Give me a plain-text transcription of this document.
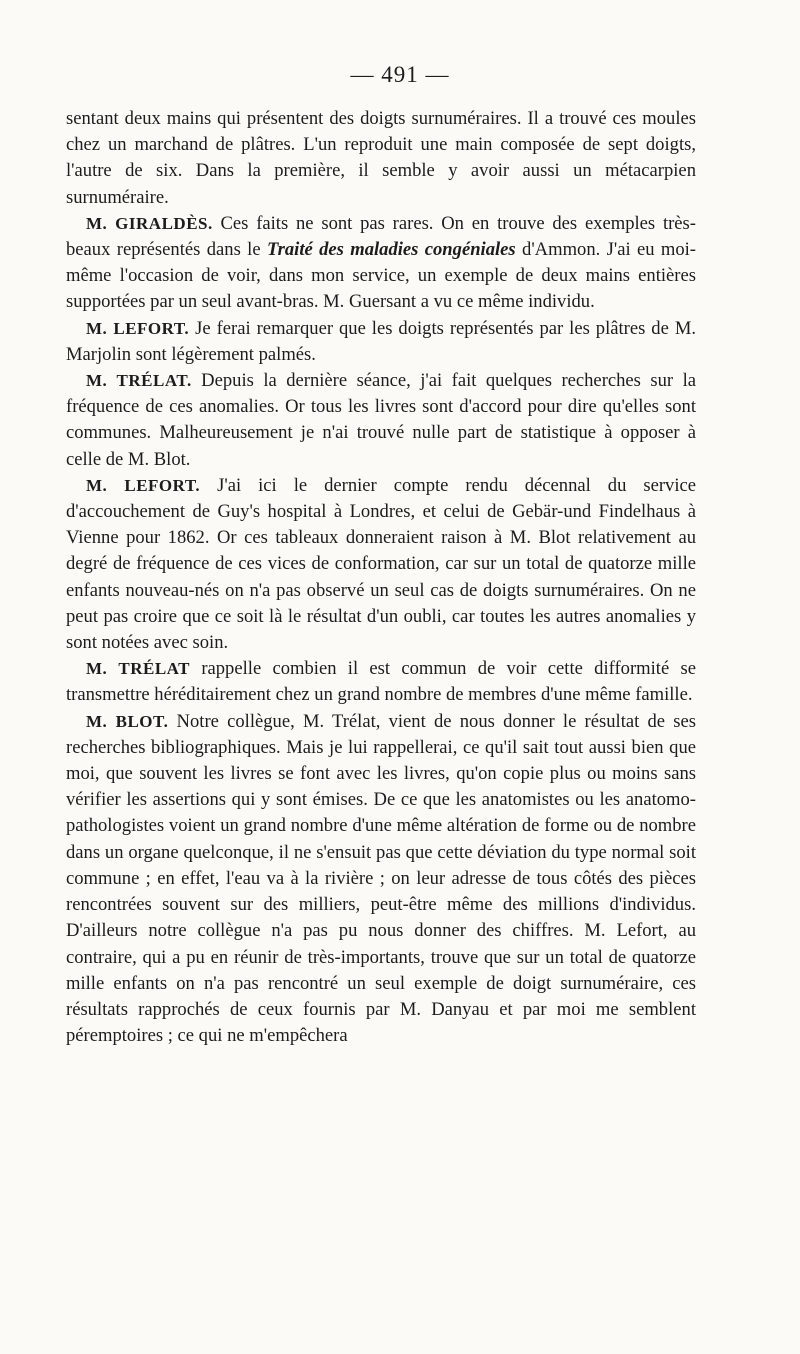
— 491 —

sentant deux mains qui présentent des doigts surnuméraires. Il a trouvé ces moules chez un marchand de plâtres. L'un reproduit une main composée de sept doigts, l'autre de six. Dans la première, il semble y avoir aussi un métacarpien surnuméraire.

M. GIRALDÈS. Ces faits ne sont pas rares. On en trouve des exemples très-beaux représentés dans le Traité des maladies congéniales d'Ammon. J'ai eu moi-même l'occasion de voir, dans mon service, un exemple de deux mains entières supportées par un seul avant-bras. M. Guersant a vu ce même individu.

M. LEFORT. Je ferai remarquer que les doigts représentés par les plâtres de M. Marjolin sont légèrement palmés.

M. TRÉLAT. Depuis la dernière séance, j'ai fait quelques recherches sur la fréquence de ces anomalies. Or tous les livres sont d'accord pour dire qu'elles sont communes. Malheureusement je n'ai trouvé nulle part de statistique à opposer à celle de M. Blot.

M. LEFORT. J'ai ici le dernier compte rendu décennal du service d'accouchement de Guy's hospital à Londres, et celui de Gebär-und Findelhaus à Vienne pour 1862. Or ces tableaux donneraient raison à M. Blot relativement au degré de fréquence de ces vices de conformation, car sur un total de quatorze mille enfants nouveau-nés on n'a pas observé un seul cas de doigts surnuméraires. On ne peut pas croire que ce soit là le résultat d'un oubli, car toutes les autres anomalies y sont notées avec soin.

M. TRÉLAT rappelle combien il est commun de voir cette difformité se transmettre héréditairement chez un grand nombre de membres d'une même famille.

M. BLOT. Notre collègue, M. Trélat, vient de nous donner le résultat de ses recherches bibliographiques. Mais je lui rappellerai, ce qu'il sait tout aussi bien que moi, que souvent les livres se font avec les livres, qu'on copie plus ou moins sans vérifier les assertions qui y sont émises. De ce que les anatomistes ou les anatomo-pathologistes voient un grand nombre d'une même altération de forme ou de nombre dans un organe quelconque, il ne s'ensuit pas que cette déviation du type normal soit commune ; en effet, l'eau va à la rivière ; on leur adresse de tous côtés des pièces rencontrées souvent sur des milliers, peut-être même des millions d'individus. D'ailleurs notre collègue n'a pas pu nous donner des chiffres. M. Lefort, au contraire, qui a pu en réunir de très-importants, trouve que sur un total de quatorze mille enfants on n'a pas rencontré un seul exemple de doigt surnuméraire, ces résultats rapprochés de ceux fournis par M. Danyau et par moi me semblent péremptoires ; ce qui ne m'empêchera
